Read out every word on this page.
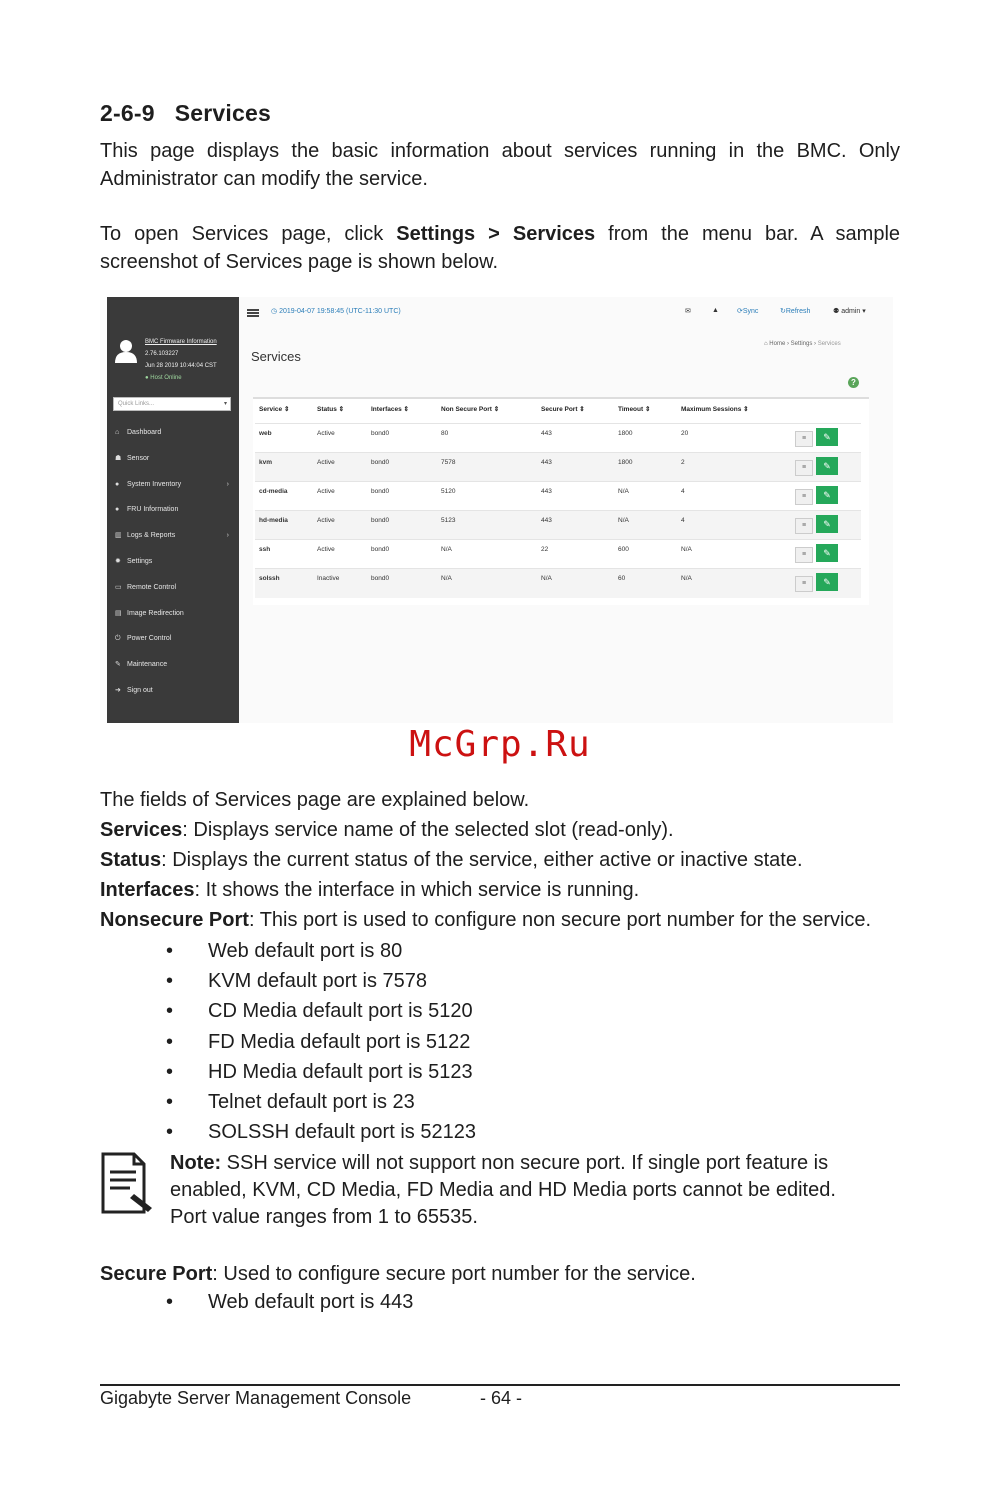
2-6-9 Services
This page displays the basic information about services running in the BMC. Only Administrator can modify the service.
To open Services page, click Settings > Services from the menu bar. A sample screenshot of Services page is shown below.
BMC Firmware Information
2.76.103227
Jun 28 2019 10:44:04 CST
● Host Online
Quick Links...	▾
⌂ Dashboard
☗ Sensor
● System Inventory	›
● FRU Information
▥ Logs & Reports	›
✹ Settings
▭ Remote Control
▤ Image Redirection
⏻ Power Control
✎ Maintenance
➜ Sign out
◷ 2019-04-07 19:58:45 (UTC-11:30 UTC)	✉	▲	⟳Sync	↻Refresh	⚉ admin ▾
⌂ Home › Settings › Services
Services
?
Service ⇕	Status ⇕	Interfaces ⇕	Non Secure Port ⇕	Secure Port ⇕	Timeout ⇕	Maximum Sessions ⇕
web	Active	bond0	80	443	1800	20
≡	✎
kvm	Active	bond0	7578	443	1800	2
≡	✎
cd-media	Active	bond0	5120	443	N/A	4
≡	✎
hd-media	Active	bond0	5123	443	N/A	4
≡	✎
ssh	Active	bond0	N/A	22	600	N/A
≡	✎
solssh	Inactive	bond0	N/A	N/A	60	N/A
≡	✎
McGrp.Ru
The fields of Services page are explained below.
Note: SSH service will not support non secure port. If single port feature is enabled, KVM, CD Media, FD Media and HD Media ports cannot be edited. Port value ranges from 1 to 65535.
Secure Port: Used to configure secure port number for the service.
Gigabyte Server Management Console	- 64 -
Services: Displays service name of the selected slot (read-only).
Status: Displays the current status of the service, either active or inactive state.
Interfaces: It shows the interface in which service is running.
Nonsecure Port: This port is used to configure non secure port number for the service.
• Web default port is 80
• KVM default port is 7578
• CD Media default port is 5120
• FD Media default port is 5122
• HD Media default port is 5123
• Telnet default port is 23
• SOLSSH default port is 52123
• Web default port is 443
